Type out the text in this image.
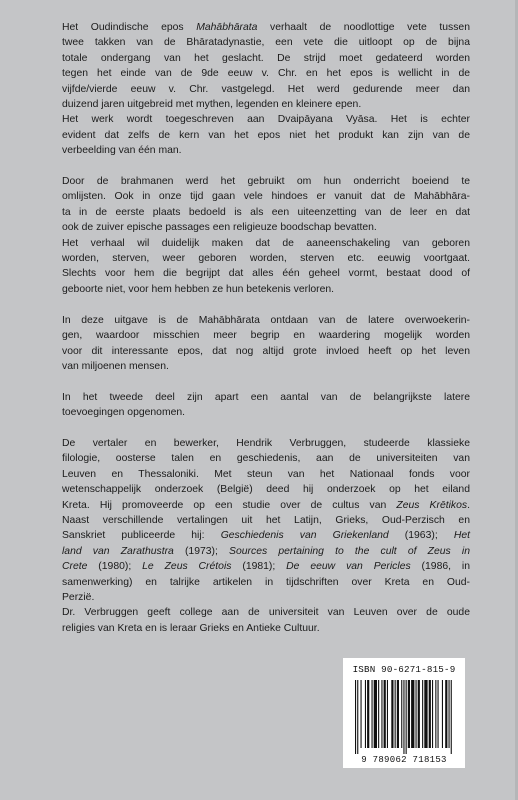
Het Oudindische epos Mahābhārata verhaalt de noodlottige vete tussen
twee takken van de Bhāratadynastie, een vete die uitloopt op de bijna
totale ondergang van het geslacht. De strijd moet gedateerd worden
tegen het einde van de 9de eeuw v. Chr. en het epos is wellicht in de
vijfde/vierde eeuw v. Chr. vastgelegd. Het werd gedurende meer dan
duizend jaren uitgebreid met mythen, legenden en kleinere epen.
Het werk wordt toegeschreven aan Dvaipāyana Vyāsa. Het is echter
evident dat zelfs de kern van het epos niet het produkt kan zijn van de
verbeelding van één man.
Door de brahmanen werd het gebruikt om hun onderricht boeiend te
omlijsten. Ook in onze tijd gaan vele hindoes er vanuit dat de Mahābhāra-
ta in de eerste plaats bedoeld is als een uiteenzetting van de leer en dat
ook de zuiver epische passages een religieuze boodschap bevatten.
Het verhaal wil duidelijk maken dat de aaneenschakeling van geboren
worden, sterven, weer geboren worden, sterven etc. eeuwig voortgaat.
Slechts voor hem die begrijpt dat alles één geheel vormt, bestaat dood of
geboorte niet, voor hem hebben ze hun betekenis verloren.
In deze uitgave is de Mahābhārata ontdaan van de latere overwoekerin-
gen, waardoor misschien meer begrip en waardering mogelijk worden
voor dit interessante epos, dat nog altijd grote invloed heeft op het leven
van miljoenen mensen.
In het tweede deel zijn apart een aantal van de belangrijkste latere
toevoegingen opgenomen.
De vertaler en bewerker, Hendrik Verbruggen, studeerde klassieke
filologie, oosterse talen en geschiedenis, aan de universiteiten van
Leuven en Thessaloniki. Met steun van het Nationaal fonds voor
wetenschappelijk onderzoek (België) deed hij onderzoek op het eiland
Kreta. Hij promoveerde op een studie over de cultus van Zeus Krētikos.
Naast verschillende vertalingen uit het Latijn, Grieks, Oud-Perzisch en
Sanskriet publiceerde hij: Geschiedenis van Griekenland (1963); Het
land van Zarathustra (1973); Sources pertaining to the cult of Zeus in
Crete (1980); Le Zeus Crétois (1981); De eeuw van Pericles (1986, in
samenwerking) en talrijke artikelen in tijdschriften over Kreta en Oud-
Perzië.
Dr. Verbruggen geeft college aan de universiteit van Leuven over de oude
religies van Kreta en is leraar Grieks en Antieke Cultuur.
ISBN 90-6271-815-9
9 789062 718153
